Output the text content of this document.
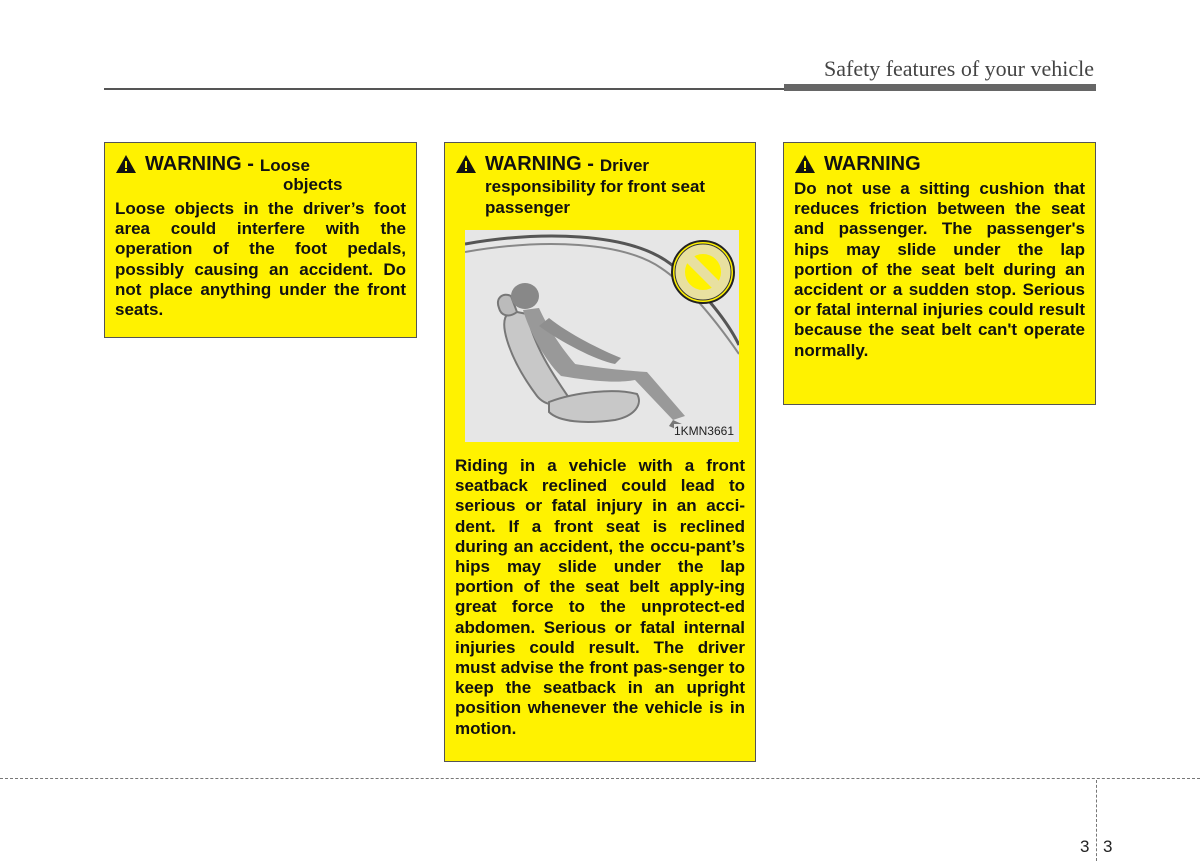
Safety features of your vehicle
WARNING - Loose
objects
Loose objects in the driver’s foot area could interfere with the operation of the foot pedals, possibly causing an accident. Do not place anything under the front seats.
WARNING - Driver
responsibility for front seat passenger
1KMN3661
Riding in a vehicle with a front seatback reclined could lead to serious or fatal injury in an acci-dent. If a front seat is reclined during an accident, the occu-pant’s hips may slide under the lap portion of the seat belt apply-ing great force to the unprotect-ed abdomen. Serious or fatal internal injuries could result. The driver must advise the front pas-senger to keep the seatback in an upright position whenever the vehicle is in motion.
WARNING
Do not use a sitting cushion that reduces friction between the seat and passenger. The passenger's hips may slide under the lap portion of the seat belt during an accident or a sudden stop. Serious or fatal internal injuries could result because the seat belt can't operate normally.
3 3
